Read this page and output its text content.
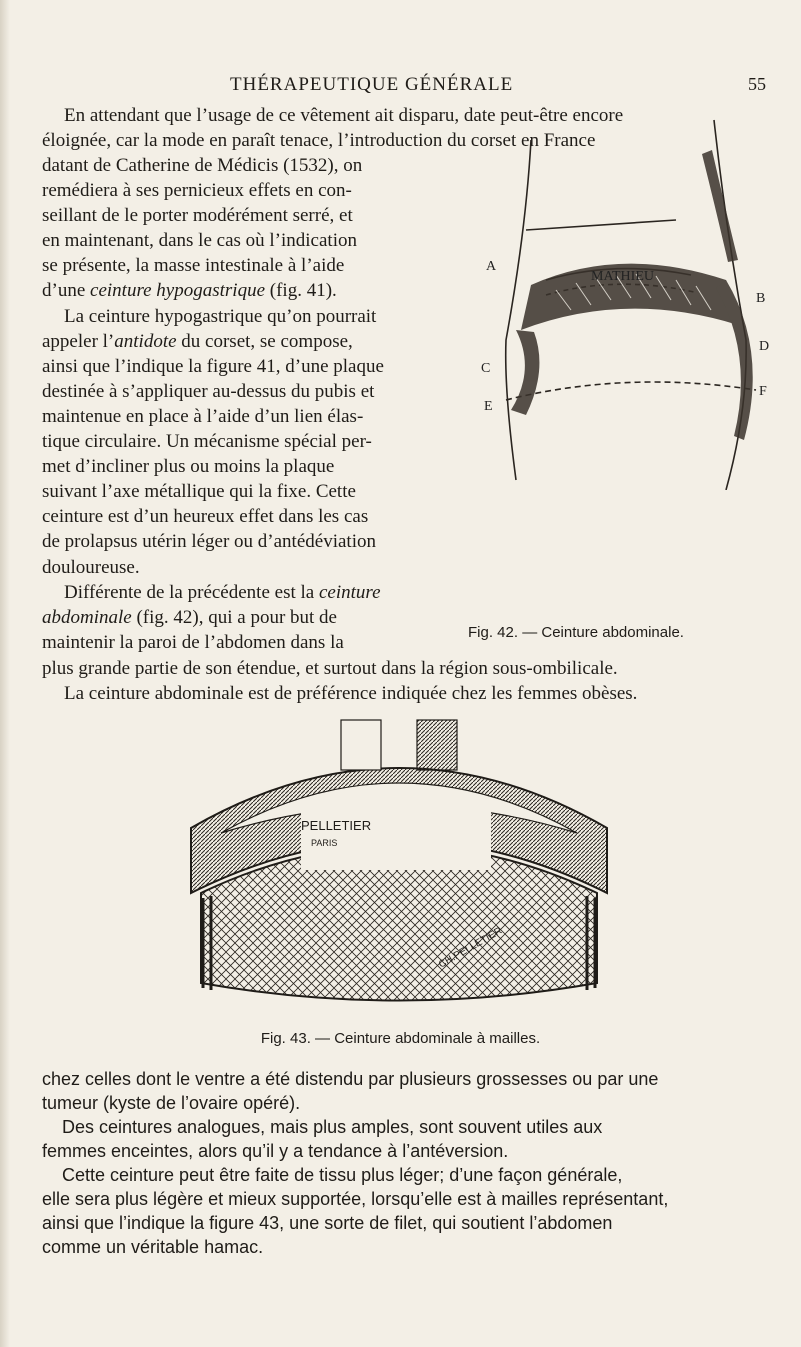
THÉRAPEUTIQUE GÉNÉRALE	55
En attendant que l’usage de ce vêtement ait disparu, date peut-être encore
éloignée, car la mode en paraît tenace, l’introduction du corset en France
datant de Catherine de Médicis (1532), on
remédiera à ses pernicieux effets en con-
seillant de le porter modérément serré, et
en maintenant, dans le cas où l’indication
se présente, la masse intestinale à l’aide
d’une ceinture hypogastrique (fig. 41).
La ceinture hypogastrique qu’on pourrait
appeler l’antidote du corset, se compose,
ainsi que l’indique la figure 41, d’une plaque
destinée à s’appliquer au-dessus du pubis et
maintenue en place à l’aide d’un lien élas-
tique circulaire. Un mécanisme spécial per-
met d’incliner plus ou moins la plaque
suivant l’axe métallique qui la fixe. Cette
ceinture est d’un heureux effet dans les cas
de prolapsus utérin léger ou d’antédéviation
douloureuse.
Différente de la précédente est la ceinture
abdominale (fig. 42), qui a pour but de
maintenir la paroi de l’abdomen dans la
plus grande partie de son étendue, et surtout dans la région sous-ombilicale.
La ceinture abdominale est de préférence indiquée chez les femmes obèses.
MATHIEU
A
B
C
D
E
F
Fig. 42. — Ceinture abdominale.
PELLETIER
PARIS
CH.PELLETIER
Fig. 43. — Ceinture abdominale à mailles.
chez celles dont le ventre a été distendu par plusieurs grossesses ou par une
tumeur (kyste de l’ovaire opéré).
Des ceintures analogues, mais plus amples, sont souvent utiles aux
femmes enceintes, alors qu’il y a tendance à l’antéversion.
Cette ceinture peut être faite de tissu plus léger; d’une façon générale,
elle sera plus légère et mieux supportée, lorsqu’elle est à mailles représentant,
ainsi que l’indique la figure 43, une sorte de filet, qui soutient l’abdomen
comme un véritable hamac.
